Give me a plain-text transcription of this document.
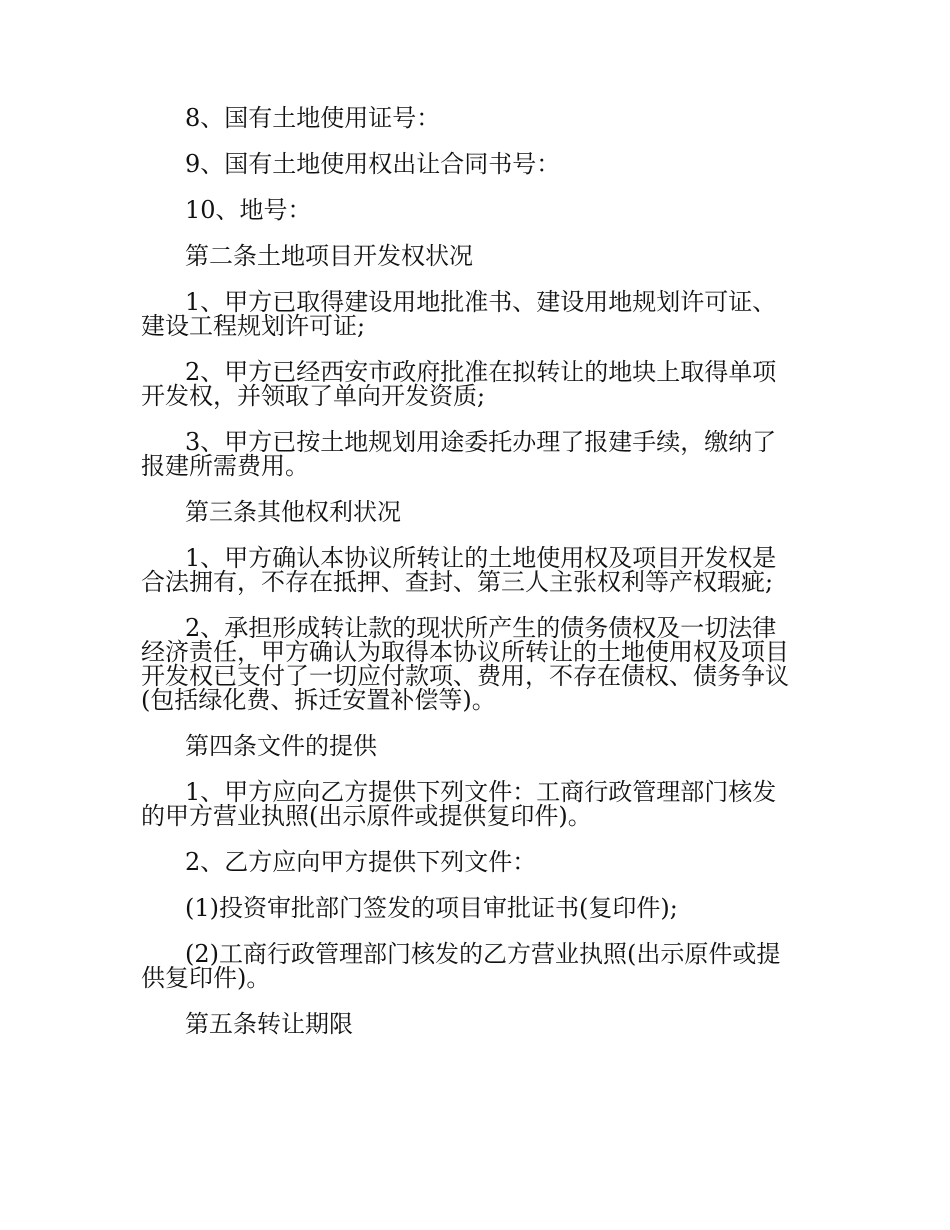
8、国有土地使用证号：

9、国有土地使用权出让合同书号：

10、地号：

第二条土地项目开发权状况

1、甲方已取得建设用地批准书、建设用地规划许可证、
建设工程规划许可证;

2、甲方已经西安市政府批准在拟转让的地块上取得单项
开发权，并领取了单向开发资质;

3、甲方已按土地规划用途委托办理了报建手续，缴纳了
报建所需费用。

第三条其他权利状况

1、甲方确认本协议所转让的土地使用权及项目开发权是
合法拥有，不存在抵押、查封、第三人主张权利等产权瑕疵;

2、承担形成转让款的现状所产生的债务债权及一切法律
经济责任，甲方确认为取得本协议所转让的土地使用权及项目
开发权已支付了一切应付款项、费用，不存在债权、债务争议
(包括绿化费、拆迁安置补偿等)。

第四条文件的提供

1、甲方应向乙方提供下列文件：工商行政管理部门核发
的甲方营业执照(出示原件或提供复印件)。

2、乙方应向甲方提供下列文件：

(1)投资审批部门签发的项目审批证书(复印件);

(2)工商行政管理部门核发的乙方营业执照(出示原件或提
供复印件)。

第五条转让期限
